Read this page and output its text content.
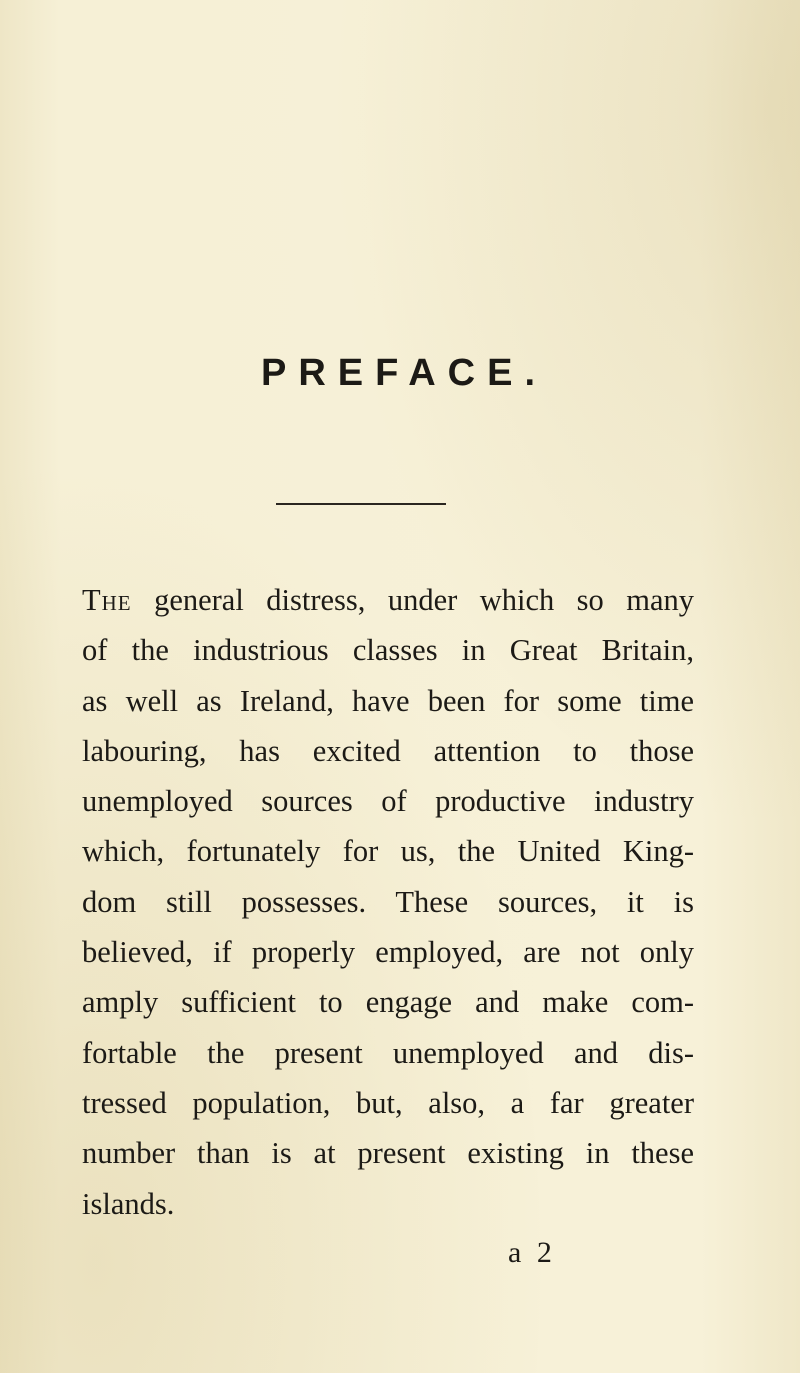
PREFACE.
The general distress, under which so many
of the industrious classes in Great Britain,
as well as Ireland, have been for some time
labouring, has excited attention to those
unemployed sources of productive industry
which, fortunately for us, the United King-
dom still possesses. These sources, it is
believed, if properly employed, are not only
amply sufficient to engage and make com-
fortable the present unemployed and dis-
tressed population, but, also, a far greater
number than is at present existing in these
islands.
a 2
